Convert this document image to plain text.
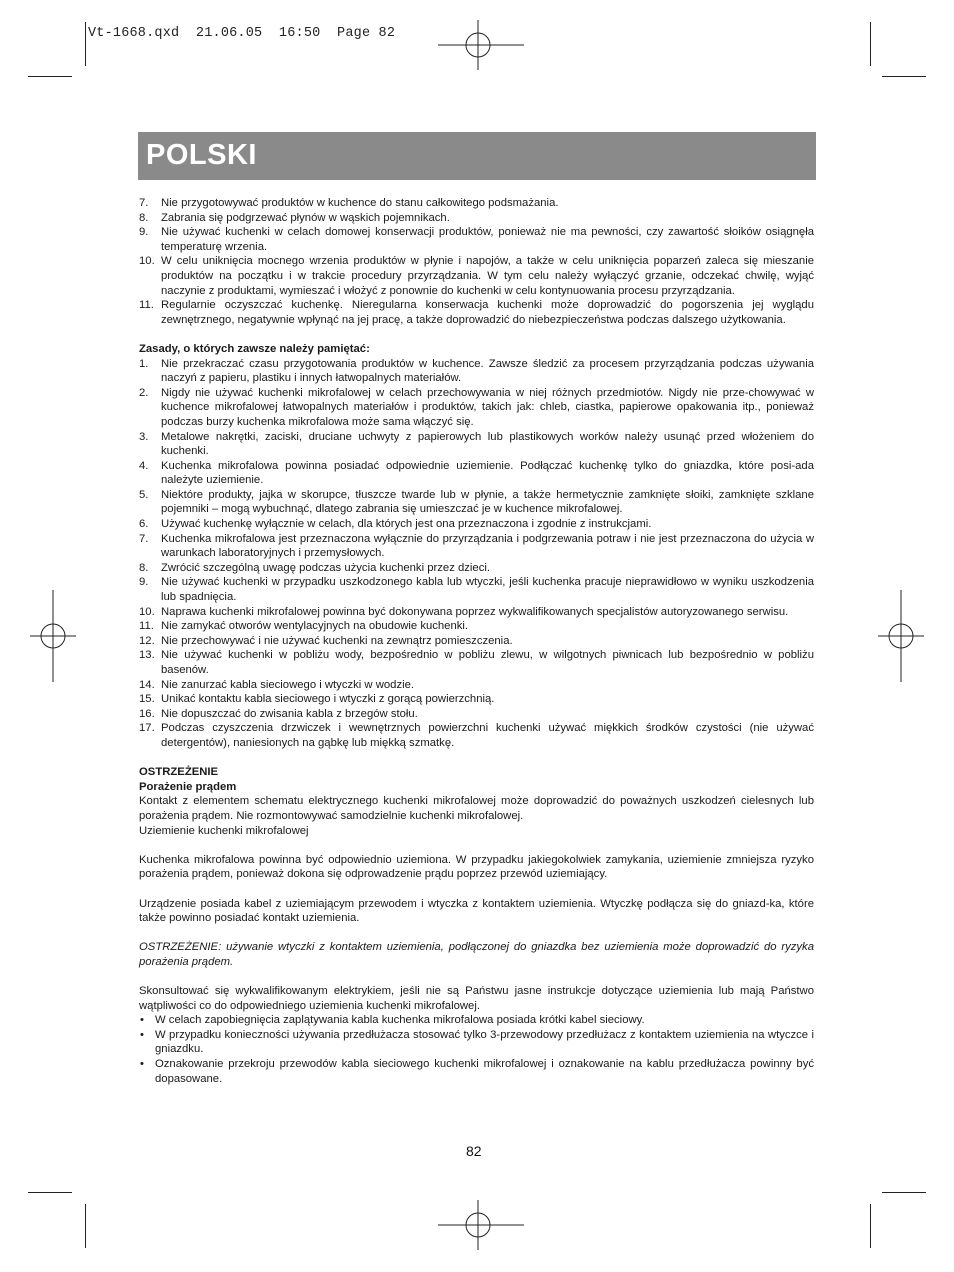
Vt-1668.qxd  21.06.05  16:50  Page 82
POLSKI
7.	Nie przygotowywać produktów w kuchence do stanu całkowitego podsmażania.
8.	Zabrania się podgrzewać płynów w wąskich pojemnikach.
9.	Nie używać kuchenki w celach domowej konserwacji produktów, ponieważ nie ma pewności, czy zawartość słoików osiągnęła temperaturę wrzenia.
10. W celu uniknięcia mocnego wrzenia produktów w płynie i napojów, a także w celu uniknięcia poparzeń zaleca się mieszanie produktów na początku i w trakcie procedury przyrządzania. W tym celu należy wyłączyć grzanie, odczekać chwilę, wyjąć naczynie z produktami, wymieszać i włożyć z ponownie do kuchenki w celu kontynuowania procesu przyrządzania.
11. Regularnie oczyszczać kuchenkę. Nieregularna konserwacja kuchenki może doprowadzić do pogorszenia jej wyglądu zewnętrznego, negatywnie wpłynąć na jej pracę, a także doprowadzić do niebezpieczeństwa podczas dalszego użytkowania.

Zasady, o których zawsze należy pamiętać:

1.	Nie przekraczać czasu przygotowania produktów w kuchence. Zawsze śledzić za procesem przyrządzania podczas używania naczyń z papieru, plastiku i innych łatwopalnych materiałów.
2.	Nigdy nie używać kuchenki mikrofalowej w celach przechowywania w niej różnych przedmiotów. Nigdy nie prze-chowywać w kuchence mikrofalowej łatwopalnych materiałów i produktów, takich jak: chleb, ciastka, papierowe opakowania itp., ponieważ podczas burzy kuchenka mikrofalowa może sama włączyć się.
3.	Metalowe nakrętki, zaciski, druciane uchwyty z papierowych lub plastikowych worków należy usunąć przed włożeniem do kuchenki.
4.	Kuchenka mikrofalowa powinna posiadać odpowiednie uziemienie. Podłączać kuchenkę tylko do gniazdka, które posi-ada należyte uziemienie.
5.	Niektóre produkty, jajka w skorupce, tłuszcze twarde lub w płynie, a także hermetycznie zamknięte słoiki, zamknięte szklane pojemniki – mogą wybuchnąć, dlatego zabrania się umieszczać je w kuchence mikrofalowej.
6.	Używać kuchenkę wyłącznie w celach, dla których jest ona przeznaczona i zgodnie z instrukcjami.
7.	Kuchenka mikrofalowa jest przeznaczona wyłącznie do przyrządzania i podgrzewania potraw i nie jest przeznaczona do użycia w warunkach laboratoryjnych i przemysłowych.
8.	Zwrócić szczególną uwagę podczas użycia kuchenki przez dzieci.
9.	Nie używać kuchenki w przypadku uszkodzonego kabla lub wtyczki, jeśli kuchenka pracuje nieprawidłowo w wyniku uszkodzenia lub spadnięcia.
10. Naprawa kuchenki mikrofalowej powinna być dokonywana poprzez wykwalifikowanych specjalistów autoryzowanego serwisu.
11. Nie zamykać otworów wentylacyjnych na obudowie kuchenki.
12. Nie przechowywać i nie używać kuchenki na zewnątrz pomieszczenia.
13. Nie używać kuchenki w pobliżu wody, bezpośrednio w pobliżu zlewu, w wilgotnych piwnicach lub bezpośrednio w pobliżu basenów.
14. Nie zanurzać kabla sieciowego i wtyczki w wodzie.
15. Unikać kontaktu kabla sieciowego i wtyczki z gorącą powierzchnią.
16. Nie dopuszczać do zwisania kabla z brzegów stołu.
17. Podczas czyszczenia drzwiczek i wewnętrznych powierzchni kuchenki używać miękkich środków czystości (nie używać detergentów), naniesionych na gąbkę lub miękką szmatkę.

OSTRZEŻENIE

Porażenie prądem

Kontakt z elementem schematu elektrycznego kuchenki mikrofalowej może doprowadzić do poważnych uszkodzeń cielesnych lub porażenia prądem. Nie rozmontowywać samodzielnie kuchenki mikrofalowej.

Uziemienie kuchenki mikrofalowej

Kuchenka mikrofalowa powinna być odpowiednio uziemiona. W przypadku jakiegokolwiek zamykania, uziemienie zmniejsza ryzyko porażenia prądem, ponieważ dokona się odprowadzenie prądu poprzez przewód uziemiający.

Urządzenie posiada kabel z uziemiającym przewodem i wtyczka z kontaktem uziemienia. Wtyczkę podłącza się do gniazd-ka, które także powinno posiadać kontakt uziemienia.

OSTRZEŻENIE: używanie wtyczki z kontaktem uziemienia, podłączonej do gniazdka bez uziemienia może doprowadzić do ryzyka porażenia prądem.

Skonsultować się wykwalifikowanym elektrykiem, jeśli nie są Państwu jasne instrukcje dotyczące uziemienia lub mają Państwo wątpliwości co do odpowiedniego uziemienia kuchenki mikrofalowej.

• W celach zapobiegnięcia zaplątywania kabla kuchenka mikrofalowa posiada krótki kabel sieciowy.
• W przypadku konieczności używania przedłużacza stosować tylko 3-przewodowy przedłużacz z kontaktem uziemienia na wtyczce i gniazdku.
• Oznakowanie przekroju przewodów kabla sieciowego kuchenki mikrofalowej i oznakowanie na kablu przedłużacza powinny być dopasowane.
82
